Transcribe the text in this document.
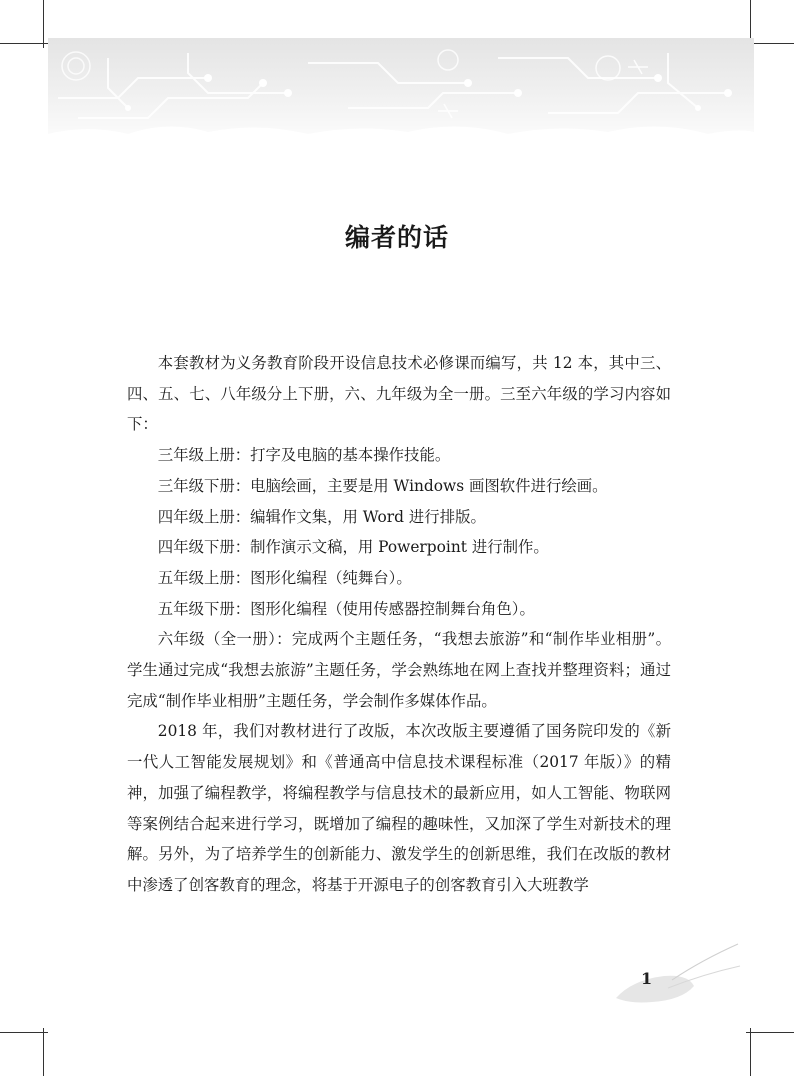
编者的话

本套教材为义务教育阶段开设信息技术必修课而编写，共 12 本，其中三、四、五、七、八年级分上下册，六、九年级为全一册。三至六年级的学习内容如下：

三年级上册：打字及电脑的基本操作技能。

三年级下册：电脑绘画，主要是用 Windows 画图软件进行绘画。

四年级上册：编辑作文集，用 Word 进行排版。

四年级下册：制作演示文稿，用 Powerpoint 进行制作。

五年级上册：图形化编程（纯舞台）。

五年级下册：图形化编程（使用传感器控制舞台角色）。

六年级（全一册）：完成两个主题任务，“我想去旅游”和“制作毕业相册”。学生通过完成“我想去旅游”主题任务，学会熟练地在网上查找并整理资料；通过完成“制作毕业相册”主题任务，学会制作多媒体作品。

2018 年，我们对教材进行了改版，本次改版主要遵循了国务院印发的《新一代人工智能发展规划》和《普通高中信息技术课程标准（2017 年版）》的精神，加强了编程教学，将编程教学与信息技术的最新应用，如人工智能、物联网等案例结合起来进行学习，既增加了编程的趣味性，又加深了学生对新技术的理解。另外，为了培养学生的创新能力、激发学生的创新思维，我们在改版的教材中渗透了创客教育的理念，将基于开源电子的创客教育引入大班教学

1
